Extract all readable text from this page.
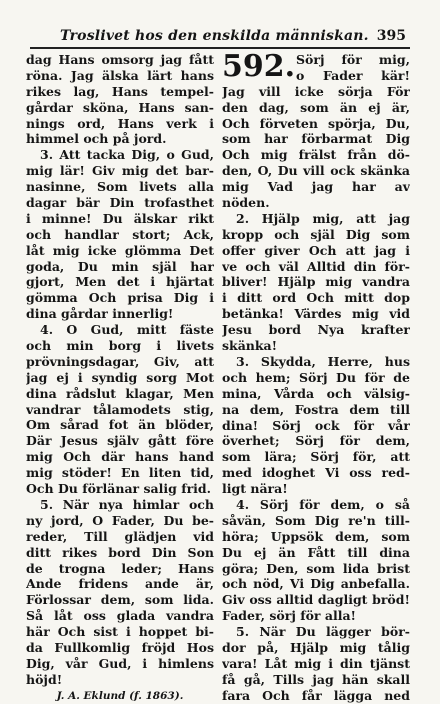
Troslivet hos den enskilda människan. 395
dag Hans omsorg jag fått
röna. Jag älska lärt hans
rikes lag, Hans tempel-
gårdar sköna, Hans san-
nings ord, Hans verk i
himmel och på jord.
3. Att tacka Dig, o Gud,
mig lär! Giv mig det bar-
nasinne, Som livets alla
dagar bär Din trofasthet
i minne! Du älskar rikt
och handlar stort; Ack,
låt mig icke glömma Det
goda, Du min själ har
gjort, Men det i hjärtat
gömma Och prisa Dig i
dina gårdar innerlig!
4. O Gud, mitt fäste
och min borg i livets
prövningsdagar, Giv, att
jag ej i syndig sorg Mot
dina rådslut klagar, Men
vandrar tålamodets stig,
Om sårad fot än blöder,
Där Jesus själv gått före
mig Och där hans hand
mig stöder! En liten tid,
Och Du förlänar salig frid.
5. När nya himlar och
ny jord, O Fader, Du be-
reder, Till glädjen vid
ditt rikes bord Din Son
de trogna leder; Hans
Ande fridens ande är,
Förlossar dem, som lida.
Så låt oss glada vandra
här Och sist i hoppet bi-
da Fullkomlig fröjd Hos
Dig, vår Gud, i himlens
höjd!
J. A. Eklund (f. 1863).
592. Sörj för mig,
o Fader kär!
Jag vill icke sörja För
den dag, som än ej är,
Och förveten spörja, Du,
som har förbarmat Dig
Och mig frälst från dö-
den, O, Du vill ock skänka
mig Vad jag har av
nöden.
2. Hjälp mig, att jag
kropp och själ Dig som
offer giver Och att jag i
ve och väl Alltid din för-
bliver! Hjälp mig vandra
i ditt ord Och mitt dop
betänka! Värdes mig vid
Jesu bord Nya krafter
skänka!
3. Skydda, Herre, hus
och hem; Sörj Du för de
mina, Vårda och välsig-
na dem, Fostra dem till
dina! Sörj ock för vår
överhet; Sörj för dem,
som lära; Sörj för, att
med idoghet Vi oss red-
ligt nära!
4. Sörj för dem, o så
såvän, Som Dig re'n till-
höra; Uppsök dem, som
Du ej än Fått till dina
göra; Den, som lida brist
och nöd, Vi Dig anbefalla.
Giv oss alltid dagligt bröd!
Fader, sörj för alla!
5. När Du lägger bör-
dor på, Hjälp mig tålig
vara! Låt mig i din tjänst
få gå, Tills jag hän skall
fara Och får lägga ned
